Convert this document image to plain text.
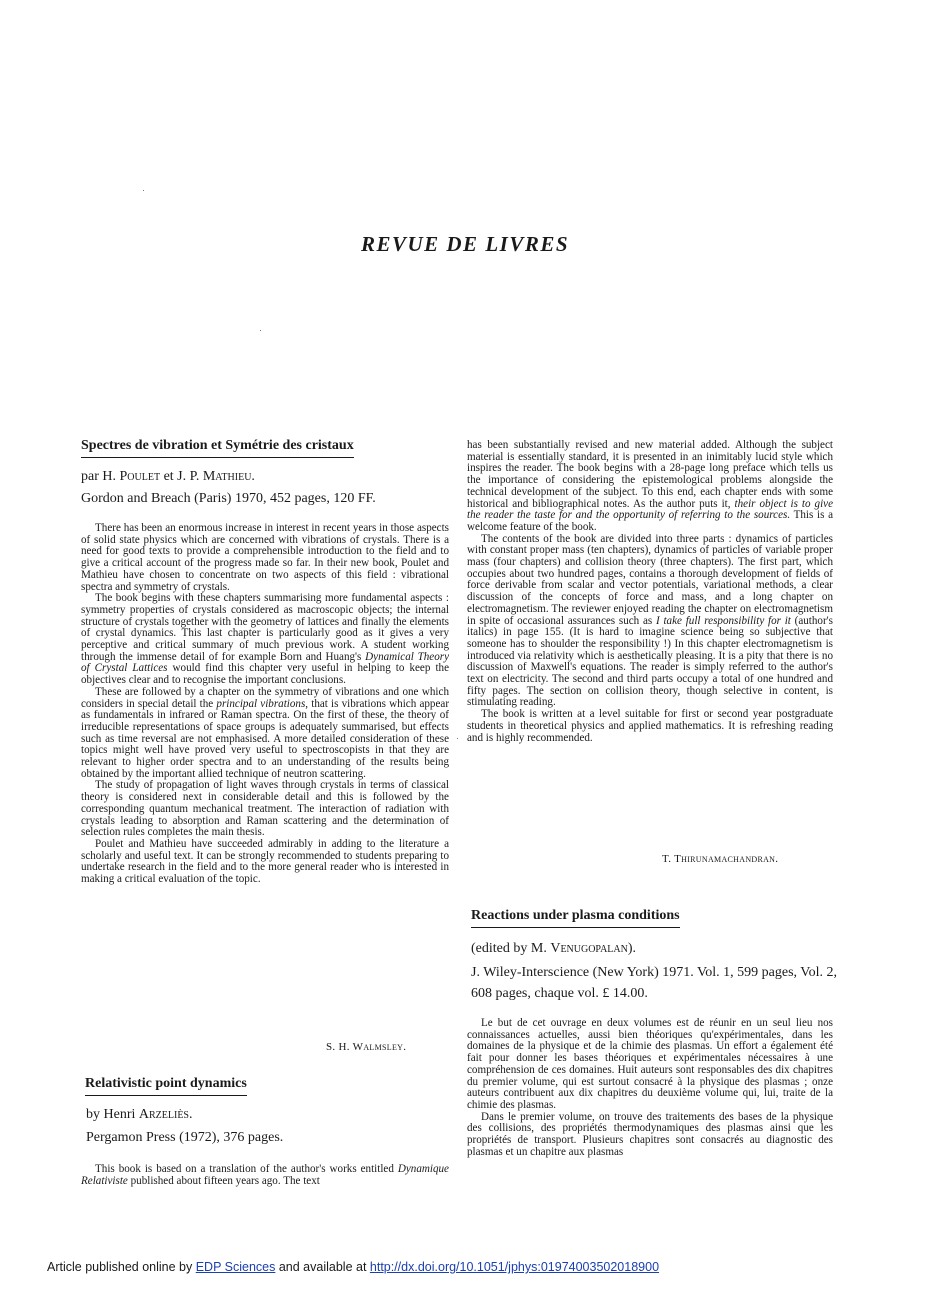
REVUE DE LIVRES
Spectres de vibration et Symétrie des cristaux
par H. Poulet et J. P. Mathieu.
Gordon and Breach (Paris) 1970, 452 pages, 120 FF.

There has been an enormous increase in interest in recent years in those aspects of solid state physics which are concerned with vibrations of crystals. There is a need for good texts to provide a comprehensible introduction to the field and to give a critical account of the progress made so far. In their new book, Poulet and Mathieu have chosen to concentrate on two aspects of this field : vibrational spectra and symmetry of crystals.

The book begins with these chapters summarising more fundamental aspects : symmetry properties of crystals considered as macroscopic objects; the internal structure of crystals together with the geometry of lattices and finally the elements of crystal dynamics. This last chapter is particularly good as it gives a very perceptive and critical summary of much previous work. A student working through the immense detail of for example Born and Huang's Dynamical Theory of Crystal Lattices would find this chapter very useful in helping to keep the objectives clear and to recognise the important conclusions.

These are followed by a chapter on the symmetry of vibrations and one which considers in special detail the principal vibrations, that is vibrations which appear as fundamentals in infrared or Raman spectra. On the first of these, the theory of irreducible representations of space groups is adequately summarised, but effects such as time reversal are not emphasised. A more detailed consideration of these topics might well have proved very useful to spectroscopists in that they are relevant to higher order spectra and to an understanding of the results being obtained by the important allied technique of neutron scattering.

The study of propagation of light waves through crystals in terms of classical theory is considered next in considerable detail and this is followed by the corresponding quantum mechanical treatment. The interaction of radiation with crystals leading to absorption and Raman scattering and the determination of selection rules completes the main thesis.

Poulet and Mathieu have succeeded admirably in adding to the literature a scholarly and useful text. It can be strongly recommended to students preparing to undertake research in the field and to the more general reader who is interested in making a critical evaluation of the topic.

S. H. Walmsley.
Relativistic point dynamics
by Henri Arzeliès.
Pergamon Press (1972), 376 pages.

This book is based on a translation of the author's works entitled Dynamique Relativiste published about fifteen years ago. The text

has been substantially revised and new material added. Although the subject material is essentially standard, it is presented in an inimitably lucid style which inspires the reader. The book begins with a 28-page long preface which tells us the importance of considering the epistemological problems alongside the technical development of the subject. To this end, each chapter ends with some historical and bibliographical notes. As the author puts it, their object is to give the reader the taste for and the opportunity of referring to the sources. This is a welcome feature of the book.

The contents of the book are divided into three parts : dynamics of particles with constant proper mass (ten chapters), dynamics of particles of variable proper mass (four chapters) and collision theory (three chapters). The first part, which occupies about two hundred pages, contains a thorough development of fields of force derivable from scalar and vector potentials, variational methods, a clear discussion of the concepts of force and mass, and a long chapter on electromagnetism. The reviewer enjoyed reading the chapter on electromagnetism in spite of occasional assurances such as I take full responsibility for it (author's italics) in page 155. (It is hard to imagine science being so subjective that someone has to shoulder the responsibility !) In this chapter electromagnetism is introduced via relativity which is aesthetically pleasing. It is a pity that there is no discussion of Maxwell's equations. The reader is simply referred to the author's text on electricity. The second and third parts occupy a total of one hundred and fifty pages. The section on collision theory, though selective in content, is stimulating reading.

The book is written at a level suitable for first or second year postgraduate students in theoretical physics and applied mathematics. It is refreshing reading and is highly recommended.

T. Thirunamachandran.
Reactions under plasma conditions
(edited by M. Venugopalan).
J. Wiley-Interscience (New York) 1971. Vol. 1, 599 pages, Vol. 2, 608 pages, chaque vol. £ 14.00.

Le but de cet ouvrage en deux volumes est de réunir en un seul lieu nos connaissances actuelles, aussi bien théoriques qu'expérimentales, dans les domaines de la physique et de la chimie des plasmas. Un effort a également été fait pour donner les bases théoriques et expérimentales nécessaires à une compréhension de ces domaines. Huit auteurs sont responsables des dix chapitres du premier volume, qui est surtout consacré à la physique des plasmas ; onze auteurs contribuent aux dix chapitres du deuxième volume qui, lui, traite de la chimie des plasmas.

Dans le premier volume, on trouve des traitements des bases de la physique des collisions, des propriétés thermodynamiques des plasmas ainsi que les propriétés de transport. Plusieurs chapitres sont consacrés au diagnostic des plasmas et un chapitre aux plasmas

Article published online by EDP Sciences and available at http://dx.doi.org/10.1051/jphys:01974003502018900
